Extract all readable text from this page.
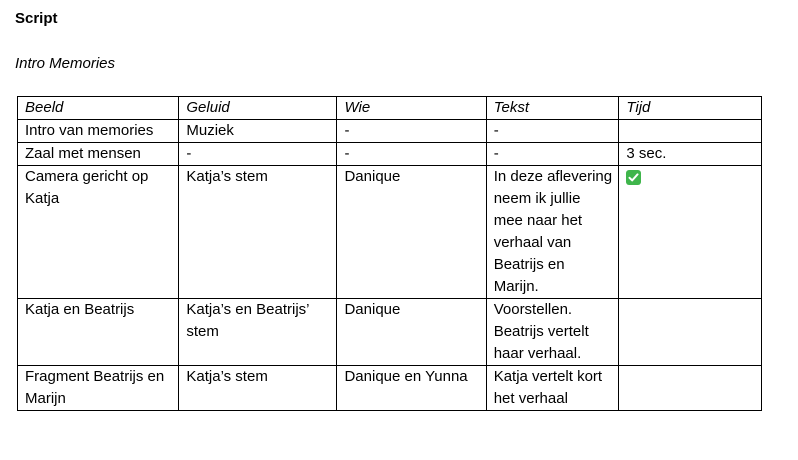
Script
Intro Memories
Beeld	Geluid	Wie	Tekst	Tijd
Intro van memories	Muziek	-	-	
Zaal met mensen	-	-	-	3 sec.
Camera gericht op Katja	Katja’s stem	Danique	In deze aflevering neem ik jullie mee naar het verhaal van Beatrijs en Marijn.	

Katja en Beatrijs	Katja’s en Beatrijs’ stem	Danique	Voorstellen. Beatrijs vertelt haar verhaal.	
Fragment Beatrijs en Marijn	Katja’s stem	Danique en Yunna	Katja vertelt kort het verhaal	
